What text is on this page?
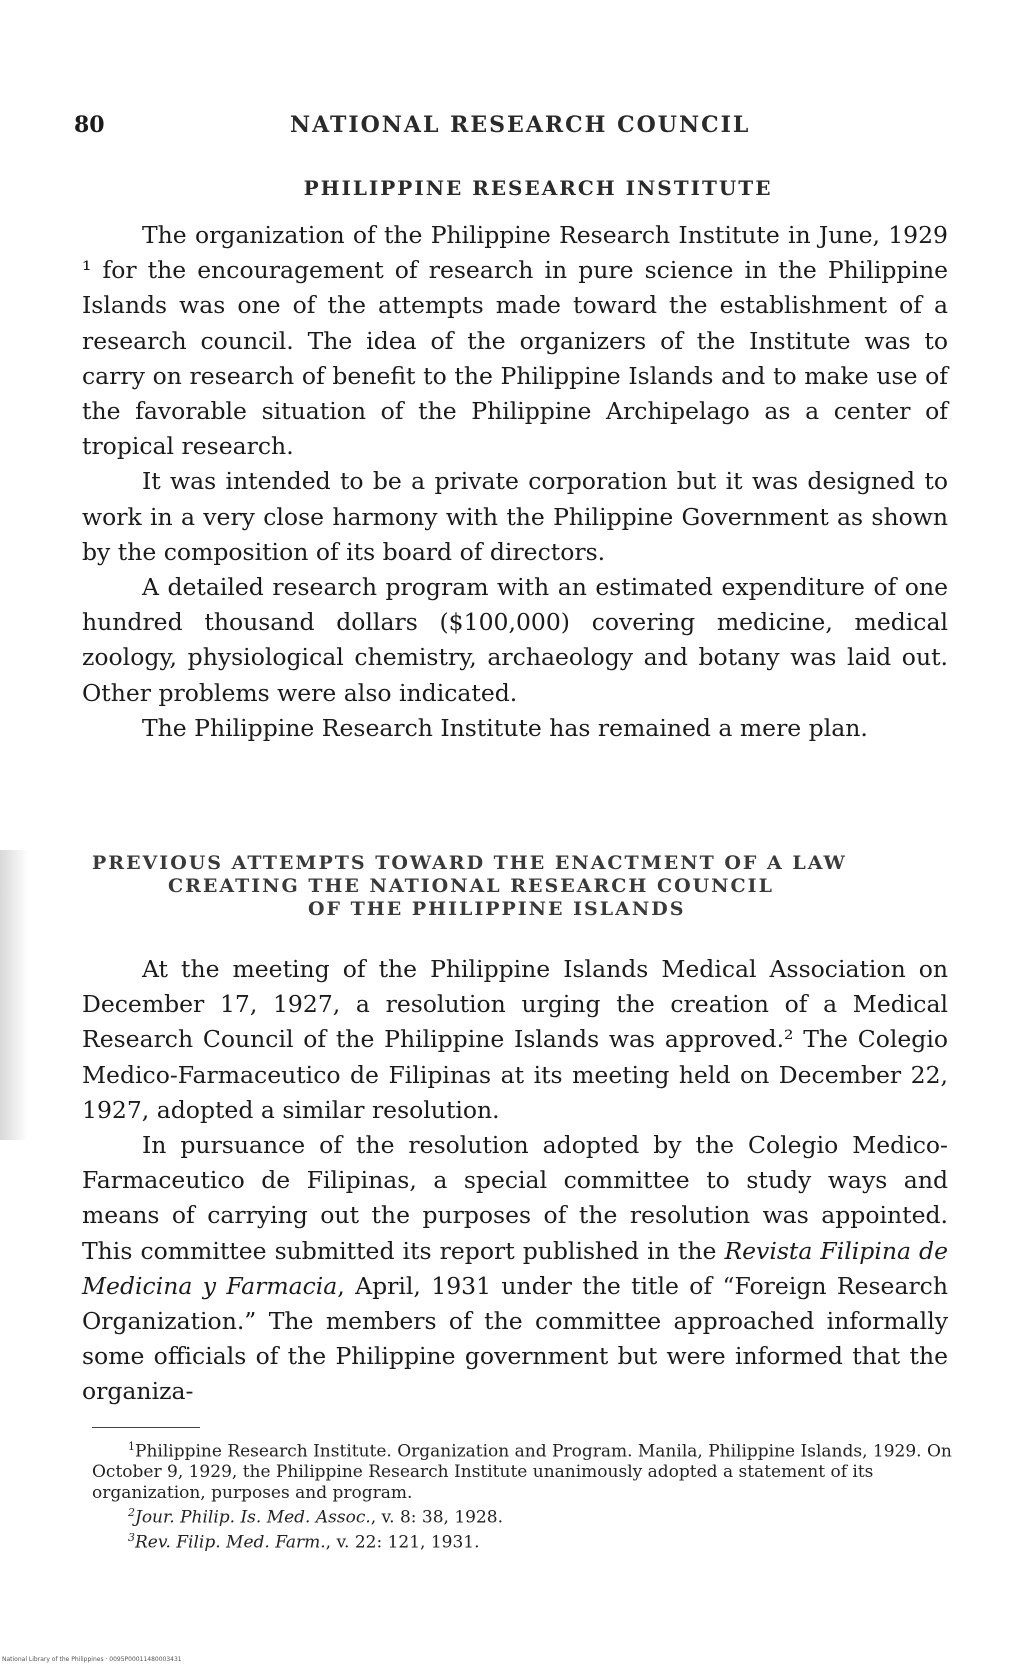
80	NATIONAL RESEARCH COUNCIL
PHILIPPINE RESEARCH INSTITUTE

The organization of the Philippine Research Institute in June, 1929 ¹ for the encouragement of research in pure science in the Philippine Islands was one of the attempts made toward the establishment of a research council. The idea of the organizers of the Institute was to carry on research of benefit to the Philippine Islands and to make use of the favorable situation of the Philippine Archipelago as a center of tropical research.

It was intended to be a private corporation but it was designed to work in a very close harmony with the Philippine Government as shown by the composition of its board of directors.

A detailed research program with an estimated expenditure of one hundred thousand dollars ($100,000) covering medicine, medical zoology, physiological chemistry, archaeology and botany was laid out. Other problems were also indicated.

The Philippine Research Institute has remained a mere plan.

PREVIOUS ATTEMPTS TOWARD THE ENACTMENT OF A LAW
CREATING THE NATIONAL RESEARCH COUNCIL
OF THE PHILIPPINE ISLANDS

At the meeting of the Philippine Islands Medical Association on December 17, 1927, a resolution urging the creation of a Medical Research Council of the Philippine Islands was approved.² The Colegio Medico-Farmaceutico de Filipinas at its meeting held on December 22, 1927, adopted a similar resolution.

In pursuance of the resolution adopted by the Colegio Medico-Farmaceutico de Filipinas, a special committee to study ways and means of carrying out the purposes of the resolution was appointed. This committee submitted its report published in the Revista Filipina de Medicina y Farmacia, April, 1931 under the title of “Foreign Research Organization.” The members of the committee approached informally some officials of the Philippine government but were informed that the organiza-

$^1$Philippine Research Institute. Organization and Program. Manila, Philippine Islands, 1929. On October 9, 1929, the Philippine Research Institute unanimously adopted a statement of its organization, purposes and program.

$^2$Jour. Philip. Is. Med. Assoc., v. 8: 38, 1928.

$^3$Rev. Filip. Med. Farm., v. 22: 121, 1931.

National Library of the Philippines · 0095P00011480003431
